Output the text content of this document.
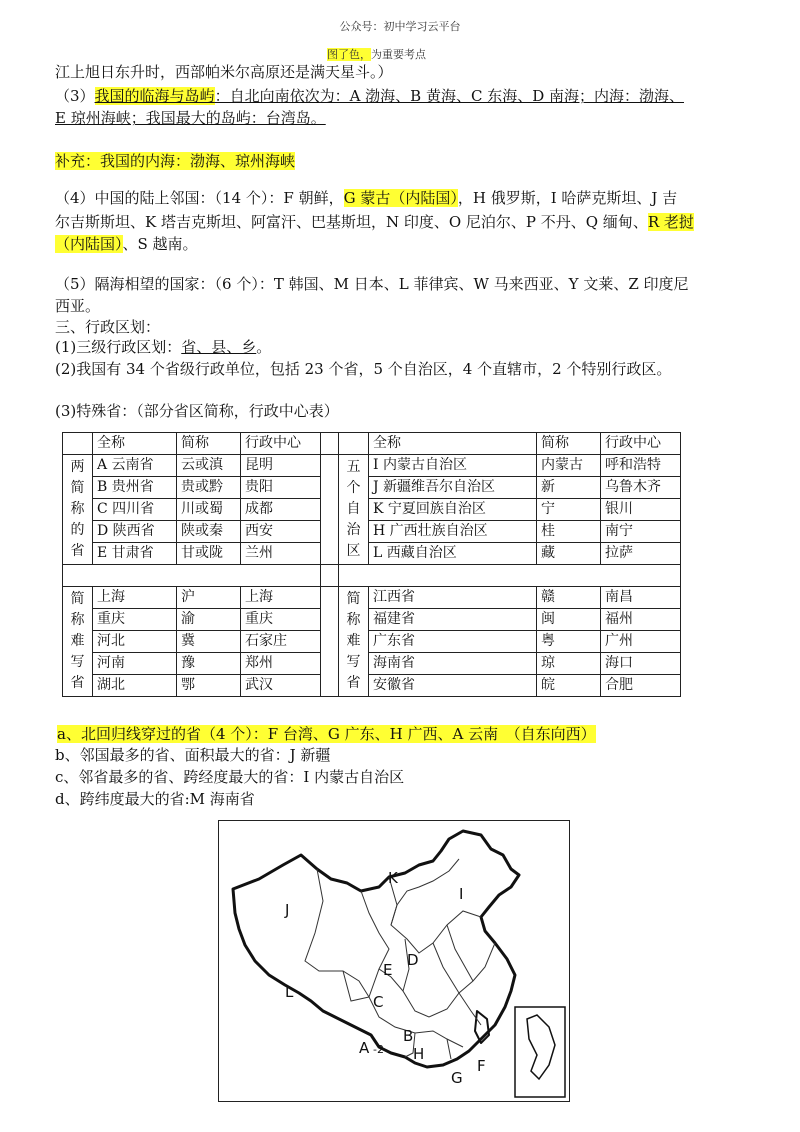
公众号：初中学习云平台
图了色，为重要考点
江上旭日东升时，西部帕米尔高原还是满天星斗。）
（3）我国的临海与岛屿：自北向南依次为：A 渤海、B 黄海、C 东海、D 南海；内海：渤海、
E 琼州海峡；我国最大的岛屿：台湾岛。
补充：我国的内海：渤海、琼州海峡
（4）中国的陆上邻国：（14 个）：F 朝鲜，G 蒙古（内陆国），H 俄罗斯，I 哈萨克斯坦、J 吉
尔吉斯斯坦、K 塔吉克斯坦、阿富汗、巴基斯坦，N 印度、O 尼泊尔、P 不丹、Q 缅甸、R 老挝
（内陆国）、S 越南。
（5）隔海相望的国家：（6 个）：T 韩国、M 日本、L 菲律宾、W 马来西亚、Y 文莱、Z 印度尼
西亚。
三、行政区划：
(1)三级行政区划：省、县、乡。
(2)我国有 34 个省级行政单位，包括 23 个省，5 个自治区，4 个直辖市，2 个特别行政区。
(3)特殊省：（部分省区简称，行政中心表）
	全称	简称	行政中心			全称	简称	行政中心
两简称的省	A 云南省	云或滇	昆明		五个自治区	I 内蒙古自治区	内蒙古	呼和浩特
	B 贵州省	贵或黔	贵阳			J 新疆维吾尔自治区	新	乌鲁木齐
	C 四川省	川或蜀	成都			K 宁夏回族自治区	宁	银川
	D 陕西省	陕或秦	西安			H 广西壮族自治区	桂	南宁
	E 甘肃省	甘或陇	兰州			L 西藏自治区	藏	拉萨

简称难写省	上海	沪	上海		简称难写省	江西省	赣	南昌
	重庆	渝	重庆			福建省	闽	福州
	河北	冀	石家庄			广东省	粤	广州
	河南	豫	郑州			海南省	琼	海口
	湖北	鄂	武汉			安徽省	皖	合肥
a、北回归线穿过的省（4 个）：F 台湾、G 广东、H 广西、A 云南　（自东向西）
b、邻国最多的省、面积最大的省：J 新疆
c、邻省最多的省、跨经度最大的省：I 内蒙古自治区
d、跨纬度最大的省:M 海南省
J
K
I
L
E
D
C
B
A -2 H
G
F
